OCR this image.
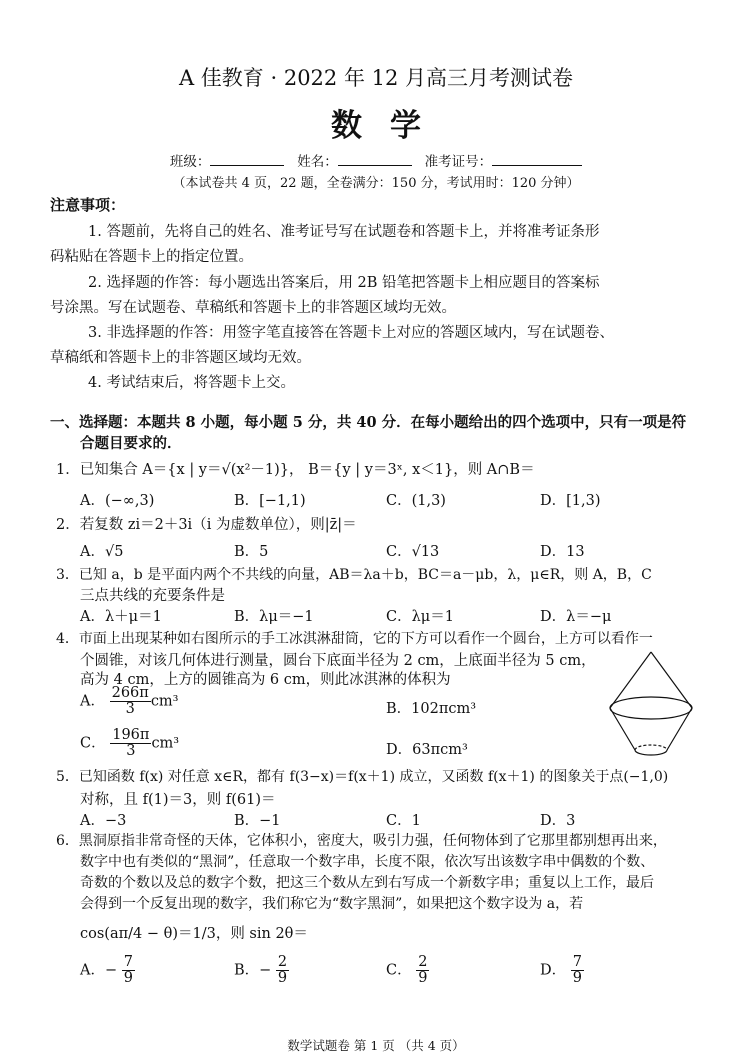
A 佳教育 · 2022 年 12 月高三月考测试卷
数学
班级：	姓名：	准考证号：
（本试卷共 4 页，22 题，全卷满分：150 分，考试用时：120 分钟）
注意事项：
1. 答题前，先将自己的姓名、准考证号写在试题卷和答题卡上，并将准考证条形
码粘贴在答题卡上的指定位置。
2. 选择题的作答：每小题选出答案后，用 2B 铅笔把答题卡上相应题目的答案标
号涂黑。写在试题卷、草稿纸和答题卡上的非答题区域均无效。
3. 非选择题的作答：用签字笔直接答在答题卡上对应的答题区域内，写在试题卷、
草稿纸和答题卡上的非答题区域均无效。
4. 考试结束后，将答题卡上交。
一、选择题：本题共 8 小题，每小题 5 分，共 40 分．在每小题给出的四个选项中，只有一项是符
合题目要求的．
1．已知集合 A＝{x | y＝√(x²－1)}， B＝{y | y＝3ˣ, x＜1}，则 A∩B＝
A．(−∞,3)	B．[−1,1)	C．(1,3)	D．[1,3)
2．若复数 zi＝2＋3i（i 为虚数单位），则|z̄|＝
A．√5	B．5	C．√13	D．13
3．已知 a，b 是平面内两个不共线的向量，AB＝λa＋b，BC＝a－μb，λ，μ∈R，则 A，B，C
三点共线的充要条件是
A．λ＋μ＝1	B．λμ＝−1	C．λμ＝1	D．λ＝−μ
4．市面上出现某种如右图所示的手工冰淇淋甜筒，它的下方可以看作一个圆台，上方可以看作一
个圆锥，对该几何体进行测量，圆台下底面半径为 2 cm，上底面半径为 5 cm，
高为 4 cm，上方的圆锥高为 6 cm，则此冰淇淋的体积为
A． $\frac{266\pi}{3} cm^3$	B．102πcm³
C． $\frac{196\pi}{3} cm^3$	D．63πcm³
5．已知函数 f(x) 对任意 x∈R，都有 f(3−x)＝f(x＋1) 成立，又函数 f(x＋1) 的图象关于点(−1,0)
对称，且 f(1)＝3，则 f(61)＝
A．−3	B．−1	C．1	D．3
6．黑洞原指非常奇怪的天体，它体积小，密度大，吸引力强，任何物体到了它那里都别想再出来，
数字中也有类似的“黑洞”，任意取一个数字串，长度不限，依次写出该数字串中偶数的个数、
奇数的个数以及总的数字个数，把这三个数从左到右写成一个新数字串；重复以上工作，最后
会得到一个反复出现的数字，我们称它为“数字黑洞”，如果把这个数字设为 a，若
cos(aπ/4 − θ)＝1/3，则 sin 2θ＝
A．− $\frac{7}{9}$	B．− $\frac{2}{9}$	C． $\frac{2}{9}$	D． $\frac{7}{9}$
数学试题卷 第 1 页 （共 4 页）
